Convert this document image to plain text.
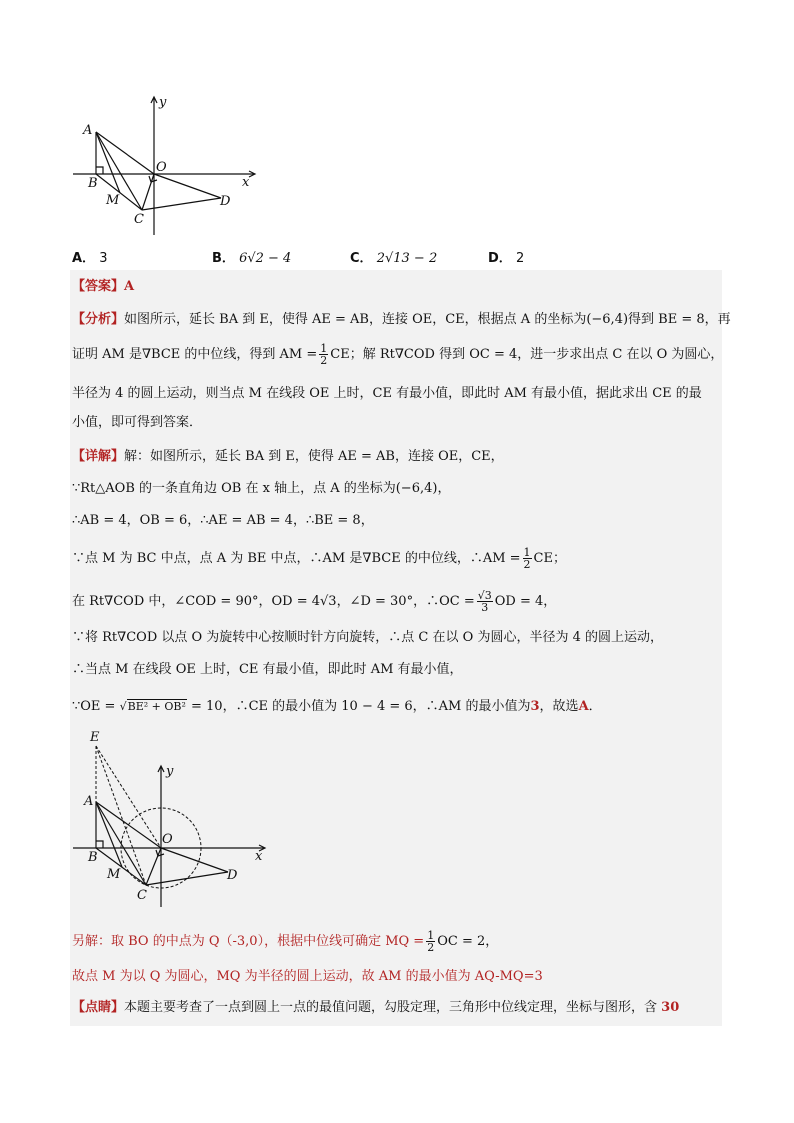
y
A
O
x
B
M	D
C
A． 3	B． 6√2 − 4	C． 2√13 − 2	D． 2
【答案】A
【分析】如图所示，延长 BA 到 E，使得 AE = AB，连接 OE，CE，根据点 A 的坐标为(−6,4)得到 BE = 8，再
证明 AM 是∇BCE 的中位线，得到 AM = $\frac{1}{2}$ CE；解 Rt∇COD 得到 OC = 4，进一步求出点 C 在以 O 为圆心，
半径为 4 的圆上运动，则当点 M 在线段 OE 上时，CE 有最小值，即此时 AM 有最小值，据此求出 CE 的最
小值，即可得到答案．
【详解】解：如图所示，延长 BA 到 E，使得 AE = AB，连接 OE，CE，
∵Rt△AOB 的一条直角边 OB 在 x 轴上，点 A 的坐标为(−6,4)，
∴AB = 4，OB = 6，∴AE = AB = 4，∴BE = 8，
∵点 M 为 BC 中点，点 A 为 BE 中点，∴AM 是∇BCE 的中位线，∴AM = $\frac{1}{2}$ CE；
在 Rt∇COD 中，∠COD = 90°，OD = 4√3，∠D = 30°，∴OC = $\frac{√3}{3}$ OD = 4，
∵将 Rt∇COD 以点 O 为旋转中心按顺时针方向旋转，∴点 C 在以 O 为圆心，半径为 4 的圆上运动，
∴当点 M 在线段 OE 上时，CE 有最小值，即此时 AM 有最小值，
∵OE = √BE² + OB² = 10，∴CE 的最小值为 10 − 4 = 6，∴AM 的最小值为3，故选A．
E
y
A
O
B	x
M	D
C
另解：取 BO 的中点为 Q（-3,0），根据中位线可确定 MQ = $\frac{1}{2}$ OC = 2，
故点 M 为以 Q 为圆心，MQ 为半径的圆上运动，故 AM 的最小值为 AQ-MQ=3
【点睛】本题主要考查了一点到圆上一点的最值问题，勾股定理，三角形中位线定理，坐标与图形，含 30
